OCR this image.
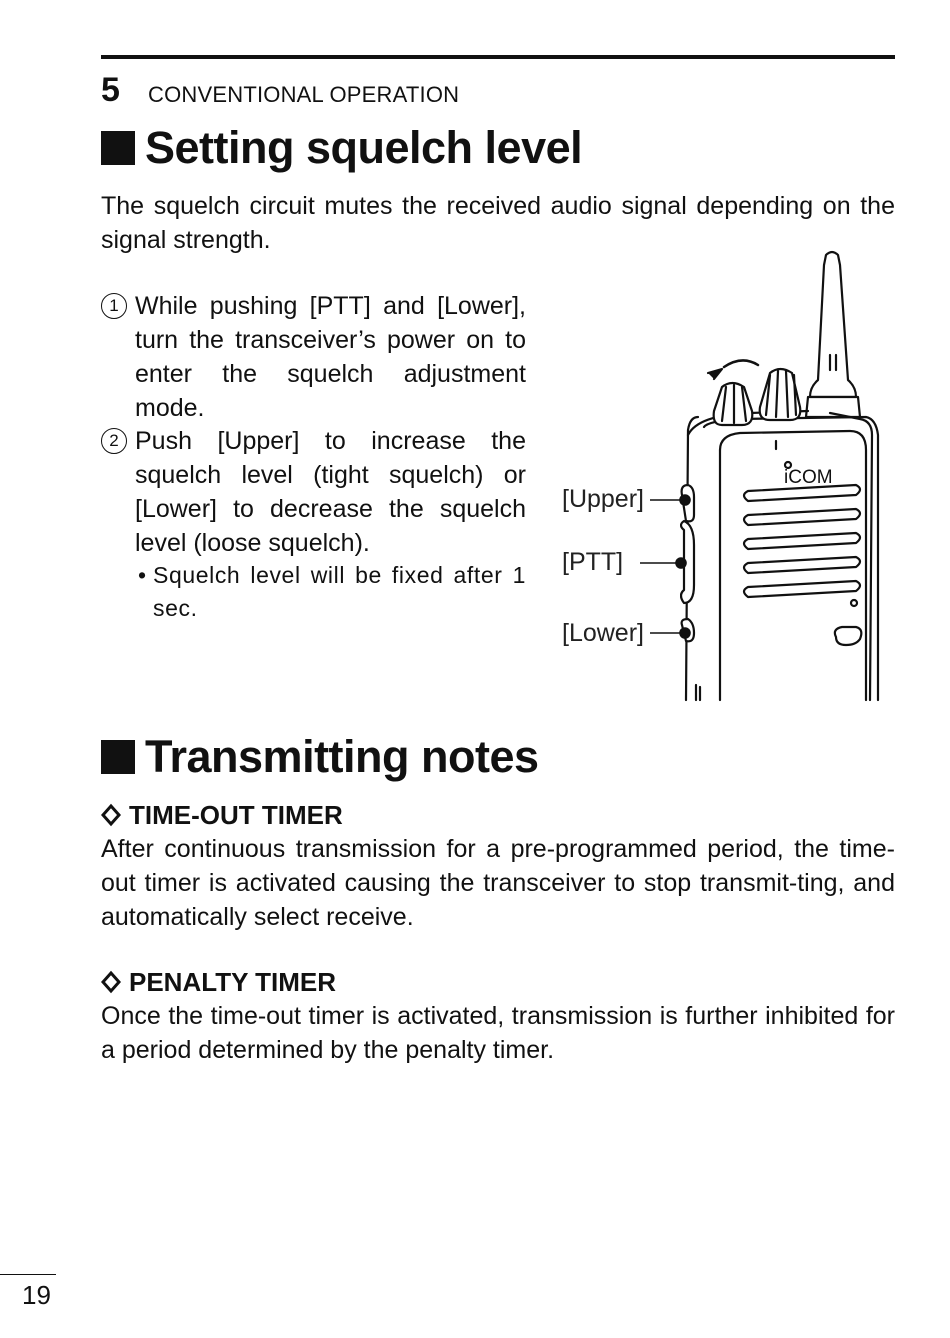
5 CONVENTIONAL OPERATION
Setting squelch level
The squelch circuit mutes the received audio signal depending on the signal strength.
1 While pushing [PTT] and [Lower], turn the transceiver’s power on to enter the squelch adjustment mode.
2 Push [Upper] to increase the squelch level (tight squelch) or [Lower] to decrease the squelch level (loose squelch).
• Squelch level will be fixed after 1 sec.
iCOM
[Upper]
[PTT]
[Lower]
Transmitting notes
TIME-OUT TIMER
After continuous transmission for a pre-programmed period, the time-out timer is activated causing the transceiver to stop transmit-ting, and automatically select receive.
PENALTY TIMER
Once the time-out timer is activated, transmission is further inhibited for a period determined by the penalty timer.
19
